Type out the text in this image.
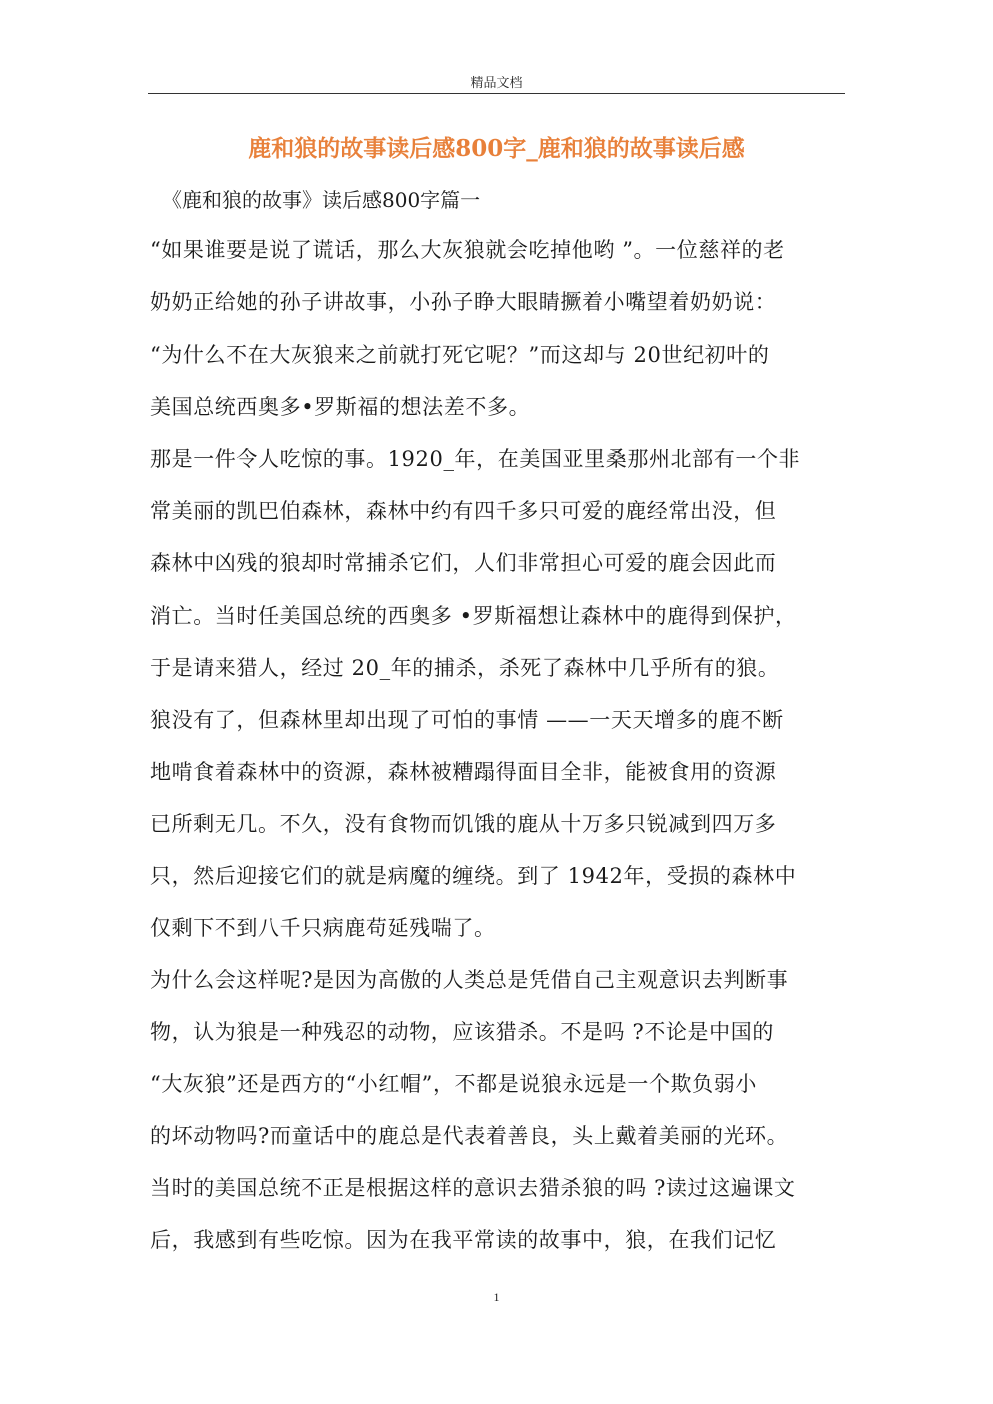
精品文档
鹿和狼的故事读后感800字_鹿和狼的故事读后感
《鹿和狼的故事》读后感800字篇一
“如果谁要是说了谎话，那么大灰狼就会吃掉他哟 ”。一位慈祥的老
奶奶正给她的孙子讲故事，小孙子睁大眼睛撅着小嘴望着奶奶说：
“为什么不在大灰狼来之前就打死它呢？”而这却与 20世纪初叶的
美国总统西奥多•罗斯福的想法差不多。
那是一件令人吃惊的事。1920_年，在美国亚里桑那州北部有一个非
常美丽的凯巴伯森林，森林中约有四千多只可爱的鹿经常出没，但
森林中凶残的狼却时常捕杀它们，人们非常担心可爱的鹿会因此而
消亡。当时任美国总统的西奥多 •罗斯福想让森林中的鹿得到保护，
于是请来猎人，经过 20_年的捕杀，杀死了森林中几乎所有的狼。
狼没有了，但森林里却出现了可怕的事情 ——一天天增多的鹿不断
地啃食着森林中的资源，森林被糟蹋得面目全非，能被食用的资源
已所剩无几。不久，没有食物而饥饿的鹿从十万多只锐减到四万多
只，然后迎接它们的就是病魔的缠绕。到了 1942年，受损的森林中
仅剩下不到八千只病鹿苟延残喘了。
为什么会这样呢?是因为高傲的人类总是凭借自己主观意识去判断事
物，认为狼是一种残忍的动物，应该猎杀。不是吗 ?不论是中国的
“大灰狼”还是西方的“小红帽”，不都是说狼永远是一个欺负弱小
的坏动物吗?而童话中的鹿总是代表着善良，头上戴着美丽的光环。
当时的美国总统不正是根据这样的意识去猎杀狼的吗 ?读过这遍课文
后，我感到有些吃惊。因为在我平常读的故事中，狼，在我们记忆
1
